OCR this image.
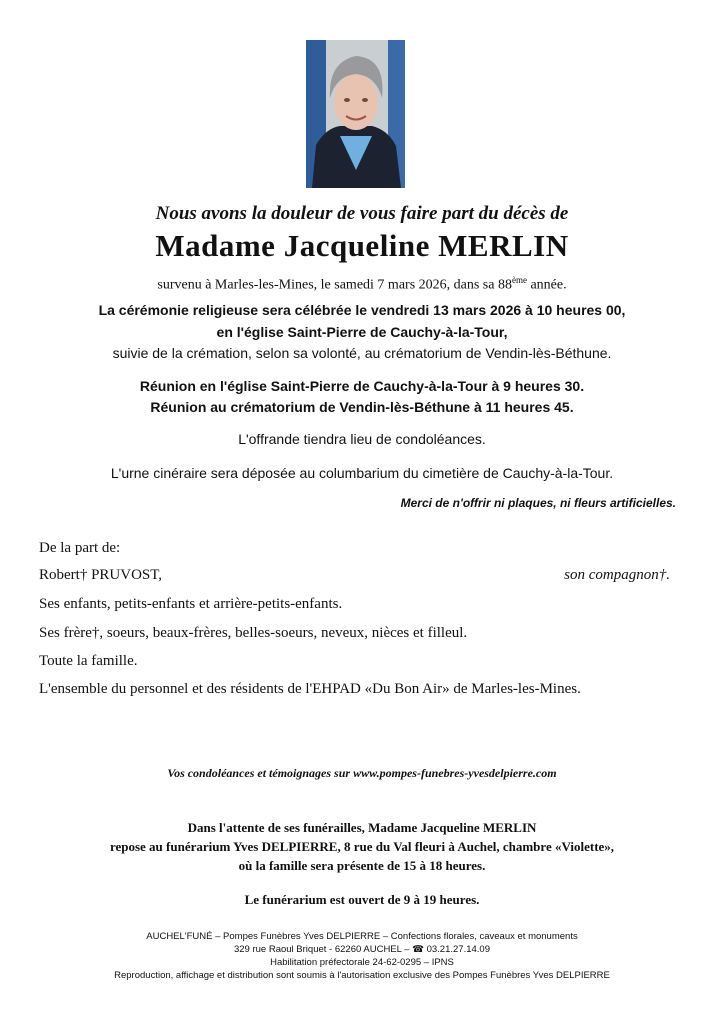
Nous avons la douleur de vous faire part du décès de
Madame Jacqueline MERLIN
survenu à Marles-les-Mines, le samedi 7 mars 2026, dans sa 88ème année.
La cérémonie religieuse sera célébrée le vendredi 13 mars 2026 à 10 heures 00,
en l'église Saint-Pierre de Cauchy-à-la-Tour,
suivie de la crémation, selon sa volonté, au crématorium de Vendin-lès-Béthune.
Réunion en l'église Saint-Pierre de Cauchy-à-la-Tour à 9 heures 30.
Réunion au crématorium de Vendin-lès-Béthune à 11 heures 45.
L'offrande tiendra lieu de condoléances.
L'urne cinéraire sera déposée au columbarium du cimetière de Cauchy-à-la-Tour.
Merci de n'offrir ni plaques, ni fleurs artificielles.
De la part de:
Robert† PRUVOST,	son compagnon†.
Ses enfants, petits-enfants et arrière-petits-enfants.
Ses frère†, soeurs, beaux-frères, belles-soeurs, neveux, nièces et filleul.
Toute la famille.
L'ensemble du personnel et des résidents de l'EHPAD «Du Bon Air» de Marles-les-Mines.
Vos condoléances et témoignages sur www.pompes-funebres-yvesdelpierre.com
Dans l'attente de ses funérailles, Madame Jacqueline MERLIN
repose au funérarium Yves DELPIERRE, 8 rue du Val fleuri à Auchel, chambre «Violette»,
où la famille sera présente de 15 à 18 heures.
Le funérarium est ouvert de 9 à 19 heures.
AUCHEL'FUNÉ – Pompes Funèbres Yves DELPIERRE – Confections florales, caveaux et monuments
329 rue Raoul Briquet - 62260 AUCHEL – ☎ 03.21.27.14.09
Habilitation préfectorale 24-62-0295 – IPNS
Reproduction, affichage et distribution sont soumis à l'autorisation exclusive des Pompes Funèbres Yves DELPIERRE
